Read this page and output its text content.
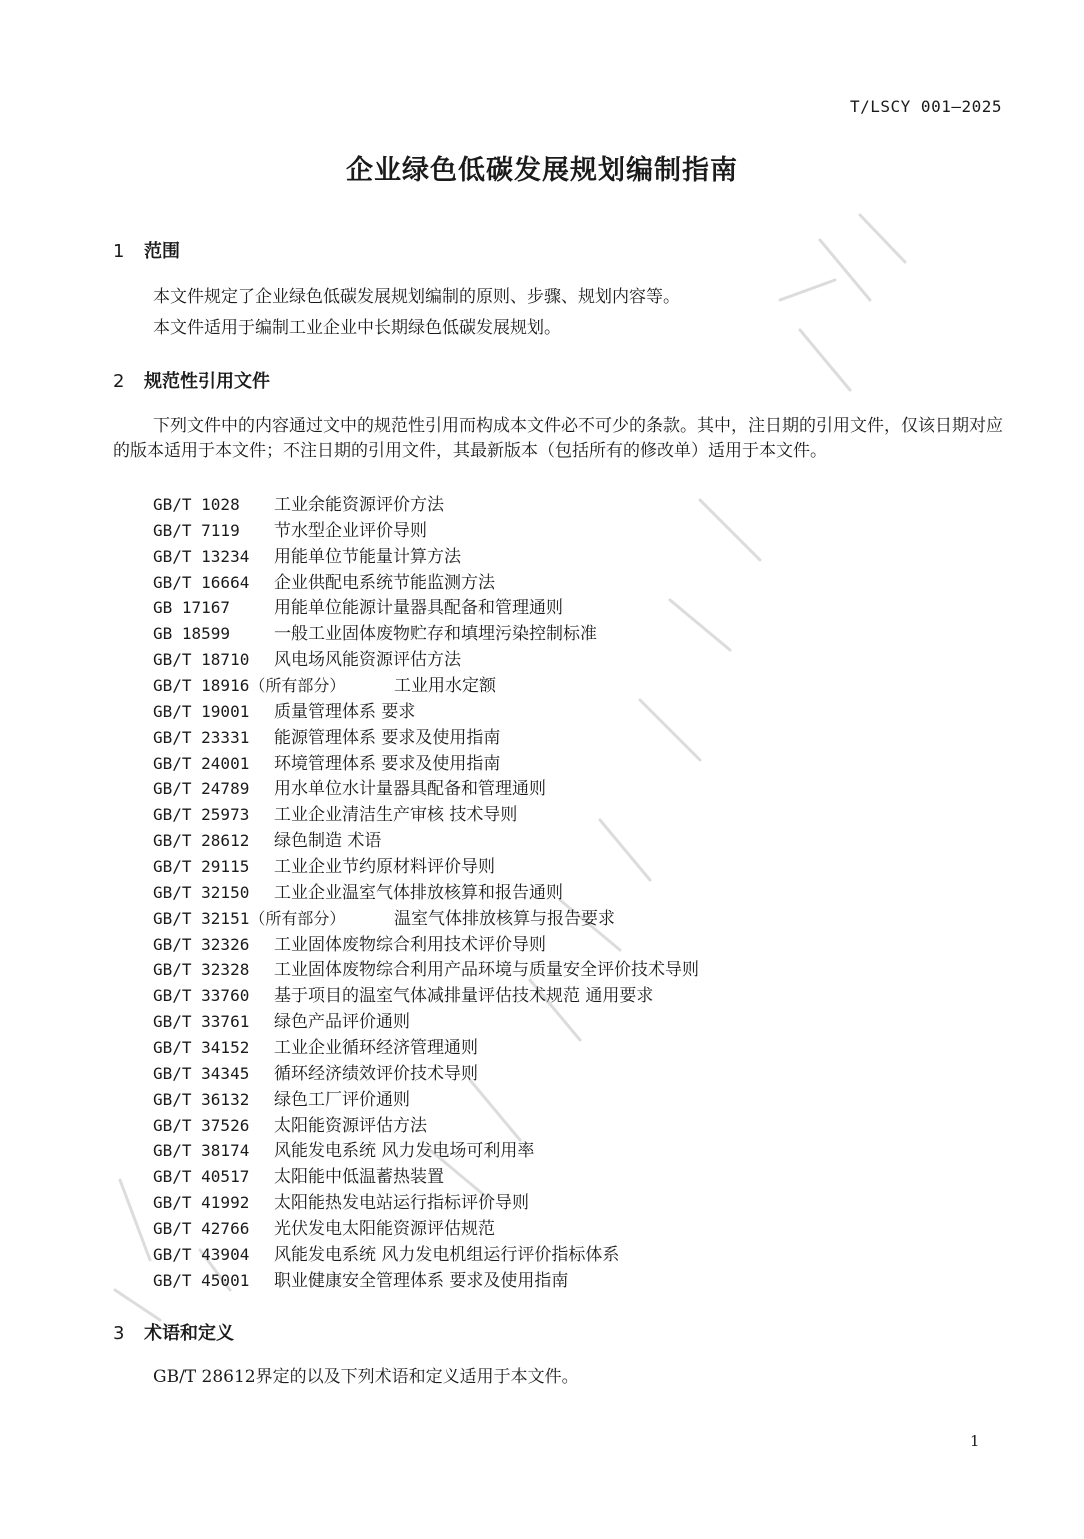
T/LSCY 001—2025
企业绿色低碳发展规划编制指南
1 范围
本文件规定了企业绿色低碳发展规划编制的原则、步骤、规划内容等。
本文件适用于编制工业企业中长期绿色低碳发展规划。
2 规范性引用文件
下列文件中的内容通过文中的规范性引用而构成本文件必不可少的条款。其中，注日期的引用文件，仅该日期对应的版本适用于本文件；不注日期的引用文件，其最新版本（包括所有的修改单）适用于本文件。
GB/T 1028 工业余能资源评价方法
GB/T 7119 节水型企业评价导则
GB/T 13234 用能单位节能量计算方法
GB/T 16664 企业供配电系统节能监测方法
GB 17167	用能单位能源计量器具配备和管理通则
GB 18599	一般工业固体废物贮存和填埋污染控制标准
GB/T 18710 风电场风能资源评估方法
GB/T 18916（所有部分）	工业用水定额
GB/T 19001 质量管理体系 要求
GB/T 23331 能源管理体系 要求及使用指南
GB/T 24001 环境管理体系 要求及使用指南
GB/T 24789 用水单位水计量器具配备和管理通则
GB/T 25973 工业企业清洁生产审核 技术导则
GB/T 28612 绿色制造 术语
GB/T 29115 工业企业节约原材料评价导则
GB/T 32150 工业企业温室气体排放核算和报告通则
GB/T 32151（所有部分）	温室气体排放核算与报告要求
GB/T 32326 工业固体废物综合利用技术评价导则
GB/T 32328 工业固体废物综合利用产品环境与质量安全评价技术导则
GB/T 33760 基于项目的温室气体减排量评估技术规范 通用要求
GB/T 33761 绿色产品评价通则
GB/T 34152 工业企业循环经济管理通则
GB/T 34345 循环经济绩效评价技术导则
GB/T 36132 绿色工厂评价通则
GB/T 37526 太阳能资源评估方法
GB/T 38174 风能发电系统 风力发电场可利用率
GB/T 40517 太阳能中低温蓄热装置
GB/T 41992 太阳能热发电站运行指标评价导则
GB/T 42766 光伏发电太阳能资源评估规范
GB/T 43904 风能发电系统 风力发电机组运行评价指标体系
GB/T 45001 职业健康安全管理体系 要求及使用指南
3 术语和定义
GB/T 28612界定的以及下列术语和定义适用于本文件。
1
